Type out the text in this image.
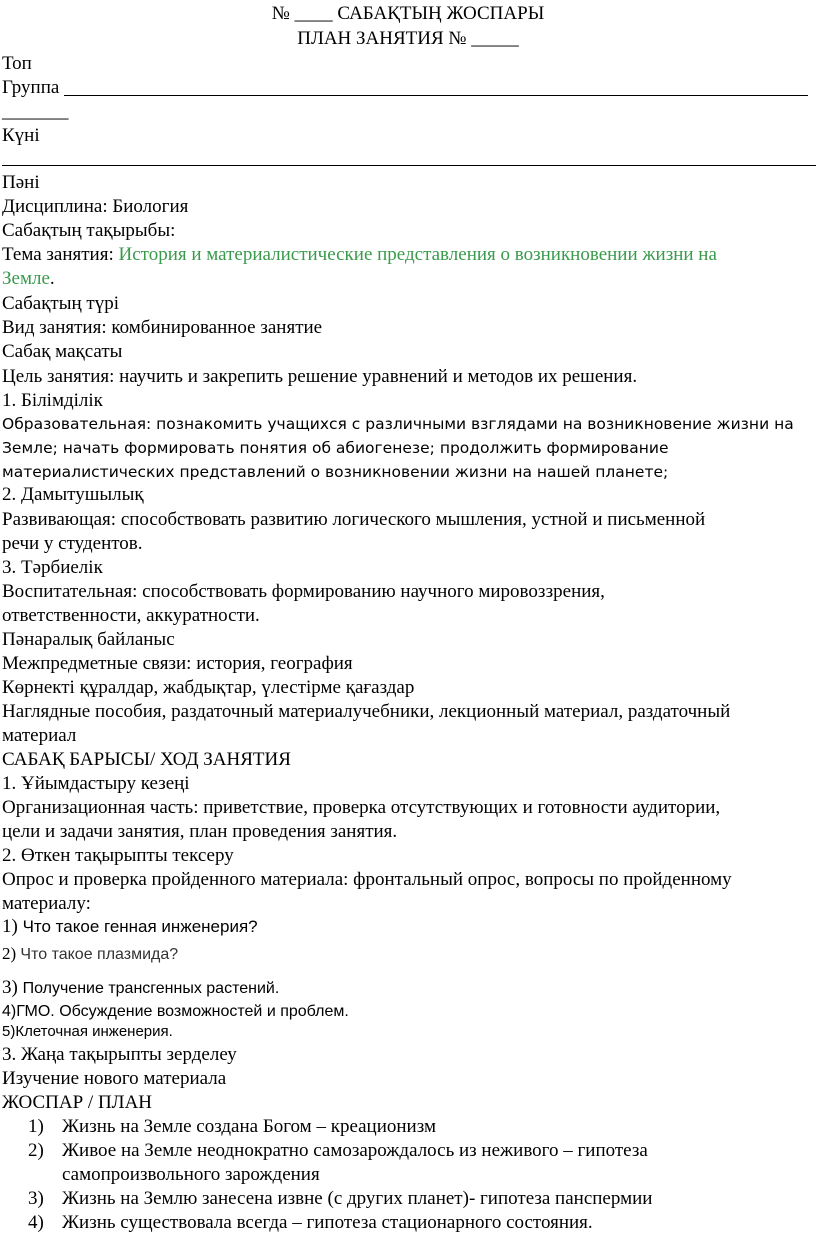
№ ____ САБАҚТЫҢ ЖОСПАРЫ
ПЛАН ЗАНЯТИЯ № _____
Топ
Группа
_______
Күні
Пәні
Дисциплина: Биология
Сабақтың тақырыбы:
Тема занятия: История и материалистические представления о возникновении жизни на
Земле.
Сабақтың түрі
Вид занятия: комбинированное занятие
Сабақ мақсаты
Цель занятия: научить и закрепить решение уравнений и методов их решения.
1. Білімділік
Образовательная: познакомить учащихся с различными взглядами на возникновение жизни на
Земле; начать формировать понятия об абиогенезе; продолжить формирование
материалистических представлений о возникновении жизни на нашей планете;
2. Дамытушылық
Развивающая: способствовать развитию логического мышления, устной и письменной
речи у студентов.
3. Тәрбиелік
Воспитательная: способствовать формированию научного мировоззрения,
ответственности, аккуратности.
Пәнаралық байланыс
Межпредметные связи: история, география
Көрнекті құралдар, жабдықтар, үлестірме қағаздар
Наглядные пособия, раздаточный материалучебники, лекционный материал, раздаточный
материал
САБАҚ БАРЫСЫ/ ХОД ЗАНЯТИЯ
1. Ұйымдастыру кезеңі
Организационная часть: приветствие, проверка отсутствующих и готовности аудитории,
цели и задачи занятия, план проведения занятия.
2. Өткен тақырыпты тексеру
Опрос и проверка пройденного материала: фронтальный опрос, вопросы по пройденному
материалу:
1) Что такое генная инженерия?
2) Что такое плазмида?
3) Получение трансгенных растений.
4)ГМО. Обсуждение возможностей и проблем.
5)Клеточная инженерия.
3. Жаңа тақырыпты зерделеу
Изучение нового материала
ЖОСПАР / ПЛАН
1) Жизнь на Земле создана Богом – креационизм
2) Живое на Земле неоднократно самозарождалось из неживого – гипотеза
самопроизвольного зарождения
3) Жизнь на Землю занесена извне (с других планет)- гипотеза панспермии
4) Жизнь существовала всегда – гипотеза стационарного состояния.
